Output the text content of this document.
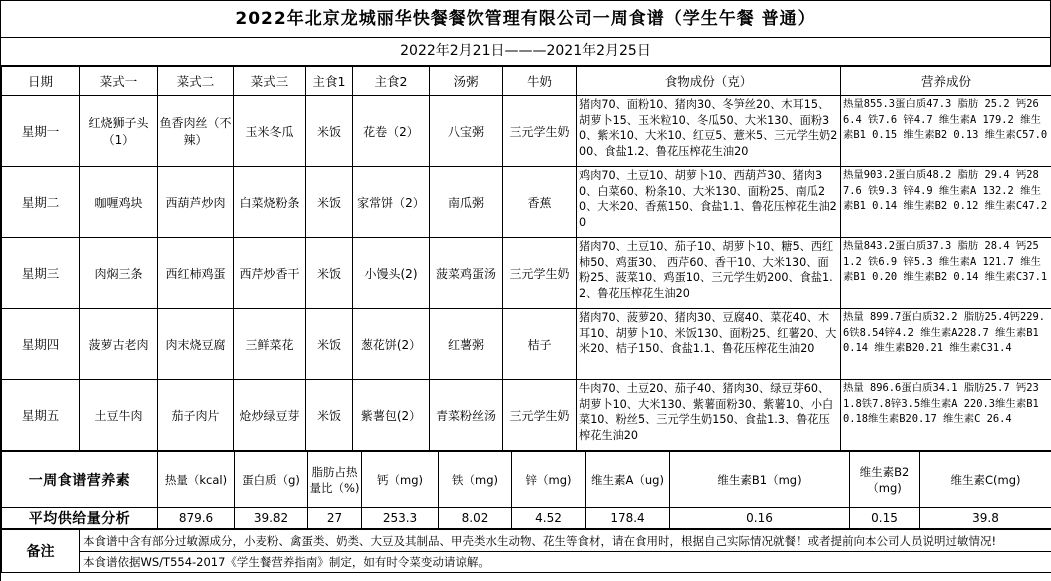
2022年北京龙城丽华快餐餐饮管理有限公司一周食谱（学生午餐 普通）
2022年2月21日———2021年2月25日
日期	菜式一	菜式二	菜式三	主食1	主食2	汤粥	牛奶	食物成份（克）	营养成份
星期一	红烧狮子头（1）	鱼香肉丝（不辣）	玉米冬瓜	米饭	花卷（2）	八宝粥	三元学生奶	猪肉70、面粉10、猪肉30、冬笋丝20、木耳15、胡萝卜15、玉米粒10、冬瓜50、大米130、面粉30、紫米10、大米10、红豆5、薏米5、三元学生奶200、食盐1.2、鲁花压榨花生油20	热量855.3蛋白质47.3 脂肪 25.2 钙266.4 铁7.6 锌4.7 维生素A 179.2 维生素B1 0.15 维生素B2 0.13 维生素C57.0
星期二	咖喱鸡块	西葫芦炒肉	白菜烧粉条	米饭	家常饼（2）	南瓜粥	香蕉	鸡肉70、土豆10、胡萝卜10、西葫芦30、猪肉30、白菜60、粉条10、大米130、面粉25、南瓜20、大米20、香蕉150、食盐1.1、鲁花压榨花生油20	热量903.2蛋白质48.2 脂肪 29.4 钙287.6 铁9.3 锌4.9 维生素A 132.2 维生素B1 0.14 维生素B2 0.12 维生素C47.2
星期三	肉焖三条	西红柿鸡蛋	西芹炒香干	米饭	小馒头(2)	菠菜鸡蛋汤	三元学生奶	猪肉70、土豆10、茄子10、胡萝卜10、糖5、西红柿50、鸡蛋30、 西芹60、香干10、大米130、面粉25、菠菜10、鸡蛋10、三元学生奶200、食盐1.2、鲁花压榨花生油20	热量843.2蛋白质37.3 脂肪 28.4 钙251.2 铁6.9 锌5.3 维生素A 121.7 维生素B1 0.20 维生素B2 0.14 维生素C37.1
星期四	菠萝古老肉	肉末烧豆腐	三鲜菜花	米饭	葱花饼(2）	红薯粥	桔子	猪肉70、菠萝20、猪肉30、豆腐40、菜花40、木耳10、胡萝卜10、米饭130、面粉25、红薯20、大米20、桔子150、食盐1.1、鲁花压榨花生油20	热量 899.7蛋白质32.2 脂肪25.4钙229.6铁8.54锌4.2 维生素A228.7 维生素B10.14 维生素B20.21 维生素C31.4
星期五	土豆牛肉	茄子肉片	炝炒绿豆芽	米饭	紫薯包(2）	青菜粉丝汤	三元学生奶	牛肉70、土豆20、茄子40、猪肉30、绿豆芽60、胡萝卜10、大米130、紫薯面粉30、紫薯10、小白菜10、粉丝5、三元学生奶150、食盐1.3、鲁花压榨花生油20	热量 896.6蛋白质34.1 脂肪25.7 钙231.8铁7.8锌3.5维生素A 220.3维生素B1 0.18维生素B20.17 维生素C 26.4
一周食谱营养素	热量（kcal)	蛋白质（g)	脂肪占热量比（%)	钙（mg)	铁（mg)	锌（mg)	维生素A（ug)	维生素B1（mg)	维生素B2（mg)	维生素C(mg)
平均供给量分析	879.6	39.82	27	253.3	8.02	4.52	178.4	0.16	0.15	39.8
备注	本食谱中含有部分过敏源成分，小麦粉、禽蛋类、奶类、大豆及其制品、甲壳类水生动物、花生等食材，请在食用时，根据自己实际情况就餐！或者提前向本公司人员说明过敏情况!
本食谱依据WS/T554-2017《学生餐营养指南》制定，如有时令菜变动请谅解。
